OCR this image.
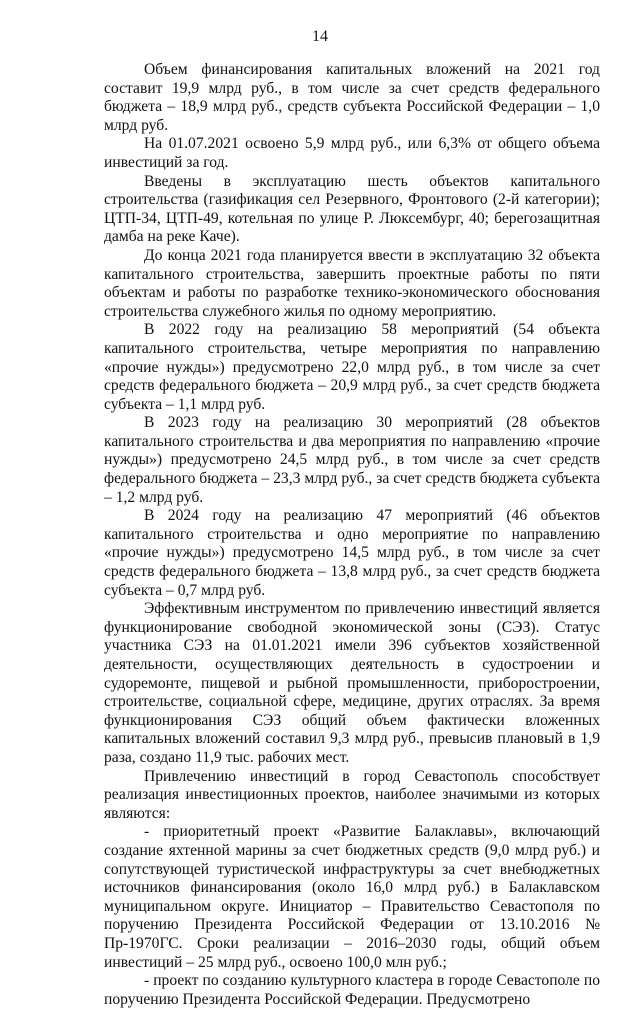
14

Объем финансирования капитальных вложений на 2021 год составит 19,9 млрд руб., в том числе за счет средств федерального бюджета – 18,9 млрд руб., средств субъекта Российской Федерации – 1,0 млрд руб.

На 01.07.2021 освоено 5,9 млрд руб., или 6,3% от общего объема инвестиций за год.

Введены в эксплуатацию шесть объектов капитального строительства (газификация сел Резервного, Фронтового (2-й категории); ЦТП-34, ЦТП-49, котельная по улице Р. Люксембург, 40; берегозащитная дамба на реке Каче).

До конца 2021 года планируется ввести в эксплуатацию 32 объекта капитального строительства, завершить проектные работы по пяти объектам и работы по разработке технико-экономического обоснования строительства служебного жилья по одному мероприятию.

В 2022 году на реализацию 58 мероприятий (54 объекта капитального строительства, четыре мероприятия по направлению «прочие нужды») предусмотрено 22,0 млрд руб., в том числе за счет средств федерального бюджета – 20,9 млрд руб., за счет средств бюджета субъекта – 1,1 млрд руб.

В 2023 году на реализацию 30 мероприятий (28 объектов капитального строительства и два мероприятия по направлению «прочие нужды») предусмотрено 24,5 млрд руб., в том числе за счет средств федерального бюджета – 23,3 млрд руб., за счет средств бюджета субъекта – 1,2 млрд руб.

В 2024 году на реализацию 47 мероприятий (46 объектов капитального строительства и одно мероприятие по направлению «прочие нужды») предусмотрено 14,5 млрд руб., в том числе за счет средств федерального бюджета – 13,8 млрд руб., за счет средств бюджета субъекта – 0,7 млрд руб.

Эффективным инструментом по привлечению инвестиций является функционирование свободной экономической зоны (СЭЗ). Статус участника СЭЗ на 01.01.2021 имели 396 субъектов хозяйственной деятельности, осуществляющих деятельность в судостроении и судоремонте, пищевой и рыбной промышленности, приборостроении, строительстве, социальной сфере, медицине, других отраслях. За время функционирования СЭЗ общий объем фактически вложенных капитальных вложений составил 9,3 млрд руб., превысив плановый в 1,9 раза, создано 11,9 тыс. рабочих мест.

Привлечению инвестиций в город Севастополь способствует реализация инвестиционных проектов, наиболее значимыми из которых являются:

- приоритетный проект «Развитие Балаклавы», включающий создание яхтенной марины за счет бюджетных средств (9,0 млрд руб.) и сопутствующей туристической инфраструктуры за счет внебюджетных источников финансирования (около 16,0 млрд руб.) в Балаклавском муниципальном округе. Инициатор – Правительство Севастополя по поручению Президента Российской Федерации от 13.10.2016 № Пр-1970ГС. Сроки реализации – 2016–2030 годы, общий объем инвестиций – 25 млрд руб., освоено 100,0 млн руб.;

- проект по созданию культурного кластера в городе Севастополе по поручению Президента Российской Федерации. Предусмотрено
